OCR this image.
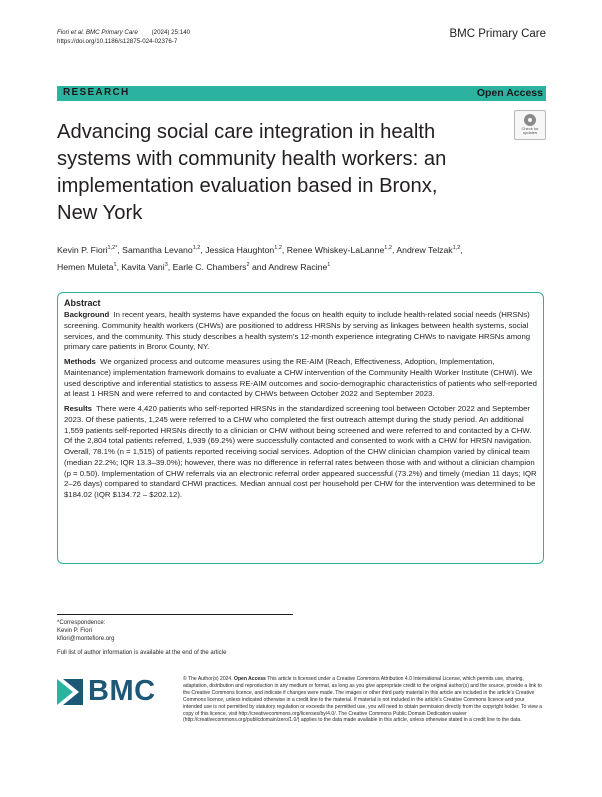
Fiori et al. BMC Primary Care (2024) 25:140
https://doi.org/10.1186/s12875-024-02376-7
BMC Primary Care
RESEARCH	Open Access
Check for
updates
Advancing social care integration in health
systems with community health workers: an
implementation evaluation based in Bronx,
New York
Kevin P. Fiori$^{1,2*}$, Samantha Levano$^{1,2}$, Jessica Haughton$^{1,2}$, Renee Whiskey-LaLanne$^{1,2}$, Andrew Telzak$^{1,2}$,
Hemen Muleta$^1$, Kavita Vani$^3$, Earle C. Chambers$^2$ and Andrew Racine$^1$
Abstract

Background In recent years, health systems have expanded the focus on health equity to include health-related social needs (HRSNs) screening. Community health workers (CHWs) are positioned to address HRSNs by serving as linkages between health systems, social services, and the community. This study describes a health system’s 12-month experience integrating CHWs to navigate HRSNs among primary care patients in Bronx County, NY.

Methods We organized process and outcome measures using the RE-AIM (Reach, Effectiveness, Adoption, Implementation, Maintenance) implementation framework domains to evaluate a CHW intervention of the Community Health Worker Institute (CHWI). We used descriptive and inferential statistics to assess RE-AIM outcomes and socio-demographic characteristics of patients who self-reported at least 1 HRSN and were referred to and contacted by CHWs between October 2022 and September 2023.

Results There were 4,420 patients who self-reported HRSNs in the standardized screening tool between October 2022 and September 2023. Of these patients, 1,245 were referred to a CHW who completed the first outreach attempt during the study period. An additional 1,559 patients self-reported HRSNs directly to a clinician or CHW without being screened and were referred to and contacted by a CHW. Of the 2,804 total patients referred, 1,939 (69.2%) were successfully contacted and consented to work with a CHW for HRSN navigation. Overall, 78.1% (n = 1,515) of patients reported receiving social services. Adoption of the CHW clinician champion varied by clinical team (median 22.2%; IQR 13.3–39.0%); however, there was no difference in referral rates between those with and without a clinician champion (p = 0.50). Implementation of CHW referrals via an electronic referral order appeared successful (73.2%) and timely (median 11 days; IQR 2–26 days) compared to standard CHWI practices. Median annual cost per household per CHW for the intervention was determined to be $184.02 (IQR $134.72 – $202.12).

*Correspondence:
Kevin P. Fiori
kfiori@montefiore.org
Full list of author information is available at the end of the article
BMC	© The Author(s) 2024. Open Access This article is licensed under a Creative Commons Attribution 4.0 International License, which permits use, sharing, adaptation, distribution and reproduction in any medium or format, as long as you give appropriate credit to the original author(s) and the source, provide a link to the Creative Commons licence, and indicate if changes were made. The images or other third party material in this article are included in the article’s Creative Commons licence, unless indicated otherwise in a credit line to the material. If material is not included in the article’s Creative Commons licence and your intended use is not permitted by statutory regulation or exceeds the permitted use, you will need to obtain permission directly from the copyright holder. To view a copy of this licence, visit http://creativecommons.org/licenses/by/4.0/. The Creative Commons Public Domain Dedication waiver (http://creativecommons.org/publicdomain/zero/1.0/) applies to the data made available in this article, unless otherwise stated in a credit line to the data.
